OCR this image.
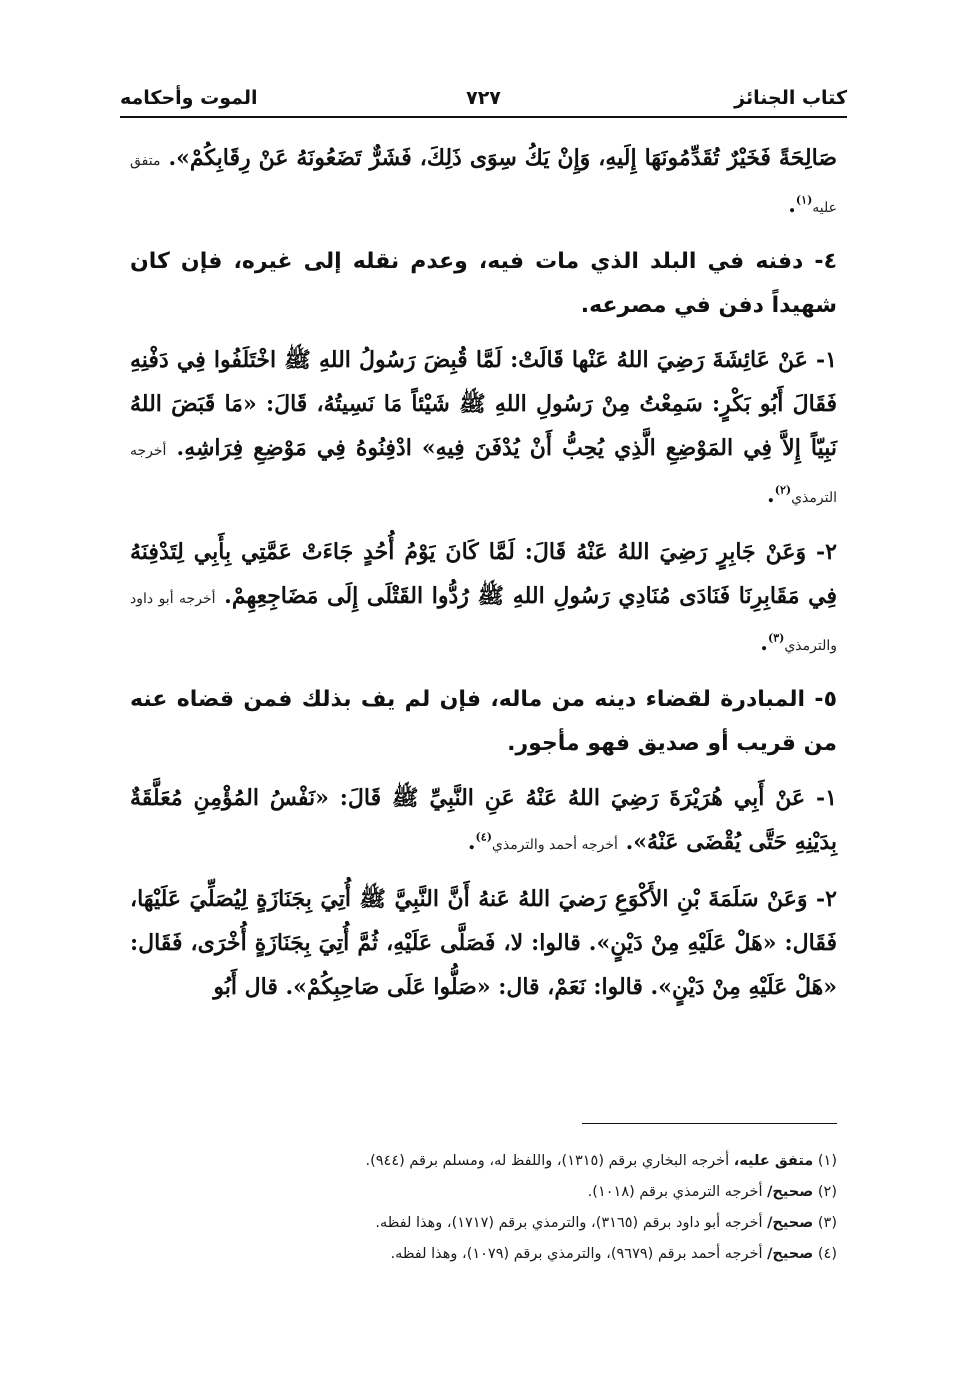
كتاب الجنائز
٧٢٧
الموت وأحكامه

صَالِحَةً فَخَيْرٌ تُقَدِّمُونَهَا إِلَيهِ، وَإِنْ يَكُ سِوَى ذَلِكَ، فَشَرٌّ تَضَعُونَهُ عَنْ رِقَابِكُمْ». متفق عليه$^{(١)}$.

٤- دفنه في البلد الذي مات فيه، وعدم نقله إلى غيره، فإن كان شهيداً دفن في مصرعه.

١- عَنْ عَائِشَةَ رَضِيَ اللهُ عَنْها قَالَتْ: لَمَّا قُبِضَ رَسُولُ اللهِ ﷺ اخْتَلَفُوا فِي دَفْنِهِ فَقَالَ أَبُو بَكْرٍ: سَمِعْتُ مِنْ رَسُولِ اللهِ ﷺ شَيْئاً مَا نَسِيتُهُ، قَالَ: «مَا قَبَضَ اللهُ نَبِيّاً إِلاَّ فِي المَوْضِعِ الَّذِي يُحِبُّ أَنْ يُدْفَنَ فِيهِ» ادْفِنُوهُ فِي مَوْضِعِ فِرَاشِهِ. أخرجه الترمذي$^{(٢)}$.

٢- وَعَنْ جَابِرٍ رَضِيَ اللهُ عَنْهُ قَالَ: لَمَّا كَانَ يَوْمُ أُحُدٍ جَاءَتْ عَمَّتِي بِأَبِي لِتَدْفِنَهُ فِي مَقَابِرِنَا فَنَادَى مُنَادِي رَسُولِ اللهِ ﷺ رُدُّوا القَتْلَى إِلَى مَضَاجِعِهِمْ. أخرجه أبو داود والترمذي$^{(٣)}$.

٥- المبادرة لقضاء دينه من ماله، فإن لم يف بذلك فمن قضاه عنه من قريب أو صديق فهو مأجور.

١- عَنْ أَبِي هُرَيْرَةَ رَضِيَ اللهُ عَنْهُ عَنِ النَّبِيِّ ﷺ قَالَ: «نَفْسُ المُؤْمِنِ مُعَلَّقَةٌ بِدَيْنِهِ حَتَّى يُقْضَى عَنْهُ». أخرجه أحمد والترمذي$^{(٤)}$.

٢- وَعَنْ سَلَمَةَ بْنِ الأَكْوَعِ رَضيَ اللهُ عَنهُ أَنَّ النَّبِيَّ ﷺ أُتِيَ بِجَنَازَةٍ لِيُصَلِّيَ عَلَيْهَا، فَقَال: «هَلْ عَلَيْهِ مِنْ دَيْنٍ». قالوا: لا، فَصَلَّى عَلَيْهِ، ثُمَّ أُتِيَ بِجَنَازَةٍ أُخْرَى، فَقَال: «هَلْ عَلَيْهِ مِنْ دَيْنٍ». قالوا: نَعَمْ، قال: «صَلُّوا عَلَى صَاحِبِكُمْ». قال أَبُو

(١) متفق عليه، أخرجه البخاري برقم (١٣١٥)، واللفظ له، ومسلم برقم (٩٤٤).

(٢) صحيح/ أخرجه الترمذي برقم (١٠١٨).

(٣) صحيح/ أخرجه أبو داود برقم (٣١٦٥)، والترمذي برقم (١٧١٧)، وهذا لفظه.

(٤) صحيح/ أخرجه أحمد برقم (٩٦٧٩)، والترمذي برقم (١٠٧٩)، وهذا لفظه.
